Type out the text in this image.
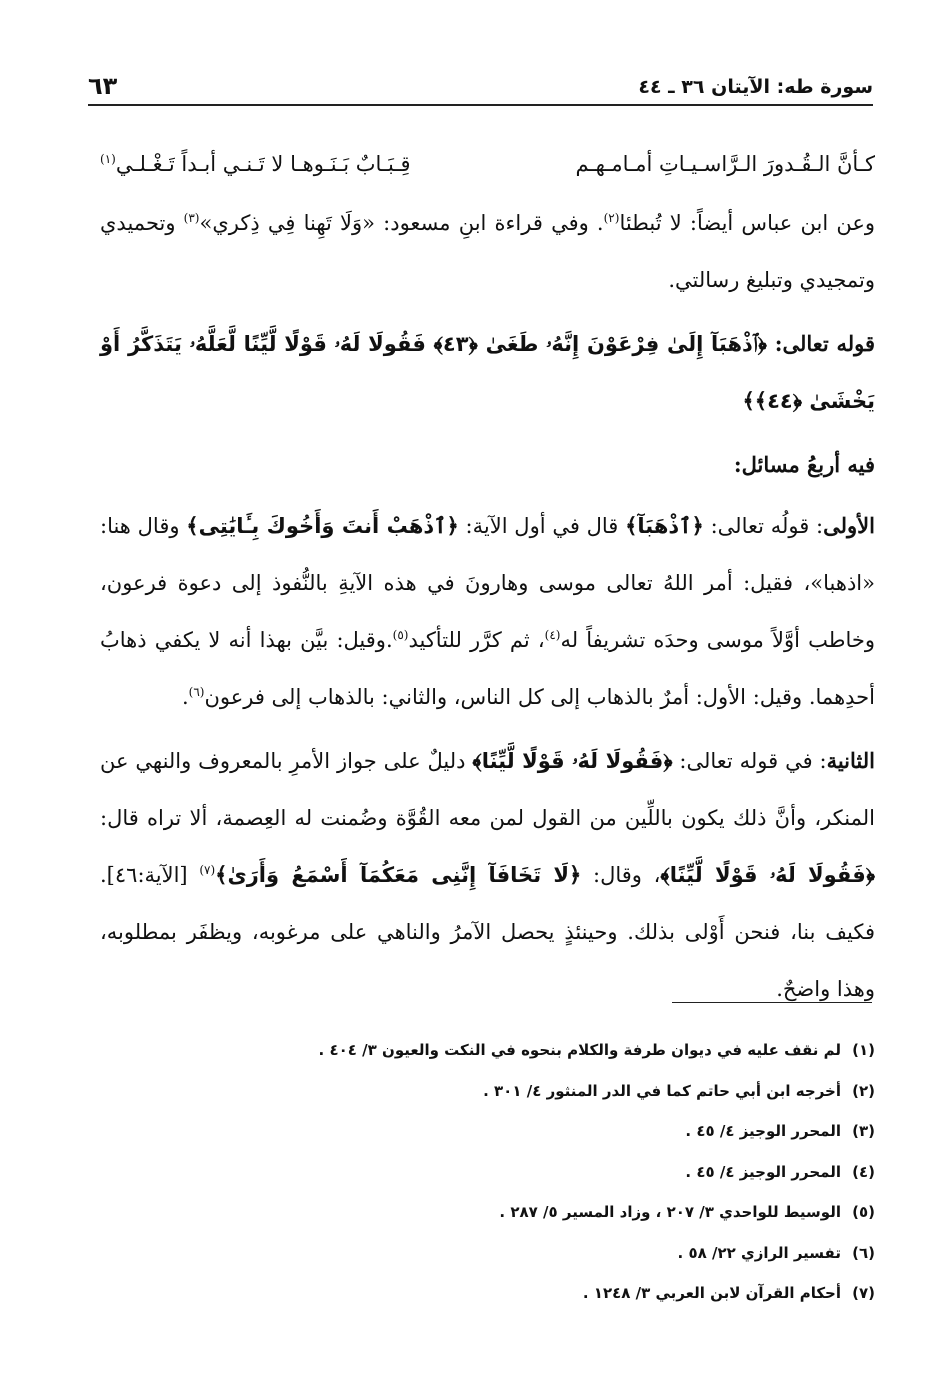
سورة طه: الآيتان ٣٦ ـ ٤٤
٦٣
كـأنَّ الـقُـدورَ الـرَّاسـيـاتِ أمـامـهـم
قِـبَـابٌ بَـنَـوهـا لا تَـنـي أبـداً تَـغْـلـي$^{(١)}$

وعن ابن عباس أيضاً: لا تُبطئا$^{(٢)}$. وفي قراءة ابنِ مسعود: «وَلَا تَهِنا فِي ذِكري»$^{(٣)}$ وتحميدي وتمجيدي وتبليغ رسالتي.

قوله تعالى: ﴿ٱذْهَبَآ إِلَىٰ فِرْعَوْنَ إِنَّهُۥ طَغَىٰ ﴿٤٣﴾ فَقُولَا لَهُۥ قَوْلًا لَّيِّنًا لَّعَلَّهُۥ يَتَذَكَّرُ أَوْ يَخْشَىٰ ﴿٤٤﴾﴾

فيه أربعُ مسائل:

الأولى: قولُه تعالى: ﴿ٱذْهَبَآ﴾ قال في أول الآية: ﴿ٱذْهَبْ أَنتَ وَأَخُوكَ بِـَٔايَٰتِى﴾ وقال هنا: «اذهبا»، فقيل: أمر اللهُ تعالى موسى وهارونَ في هذه الآيةِ بالنُّفوذ إلى دعوة فرعون، وخاطب أوَّلاً موسى وحدَه تشريفاً له$^{(٤)}$، ثم كرَّر للتأكيد$^{(٥)}$.وقيل: بيَّن بهذا أنه لا يكفي ذهابُ أحدِهما. وقيل: الأول: أمرٌ بالذهاب إلى كل الناس، والثاني: بالذهاب إلى فرعون$^{(٦)}$.

الثانية: في قوله تعالى: ﴿فَقُولَا لَهُۥ قَوْلًا لَّيِّنًا﴾ دليلٌ على جواز الأمرِ بالمعروف والنهي عن المنكر، وأنَّ ذلك يكون باللِّين من القول لمن معه القُوَّة وضُمنت له العِصمة، ألا تراه قال: ﴿فَقُولَا لَهُۥ قَوْلًا لَّيِّنًا﴾، وقال: ﴿لَا تَخَافَآ إِنَّنِى مَعَكُمَآ أَسْمَعُ وَأَرَىٰ﴾$^{(٧)}$ [الآية:٤٦]. فكيف بنا، فنحن أَوْلى بذلك. وحينئذٍ يحصل الآمرُ والناهي على مرغوبه، ويظفَر بمطلوبه، وهذا واضحٌ.

(١)
لم نقف عليه في ديوان طرفة والكلام بنحوه في النكت والعيون ٣/ ٤٠٤ .
(٢)
أخرجه ابن أبي حاتم كما في الدر المنثور ٤/ ٣٠١ .
(٣)
المحرر الوجيز ٤/ ٤٥ .
(٤)
المحرر الوجيز ٤/ ٤٥ .
(٥)
الوسيط للواحدي ٣/ ٢٠٧ ، وزاد المسير ٥/ ٢٨٧ .
(٦)
تفسير الرازي ٢٢/ ٥٨ .
(٧)
أحكام القرآن لابن العربي ٣/ ١٢٤٨ .
